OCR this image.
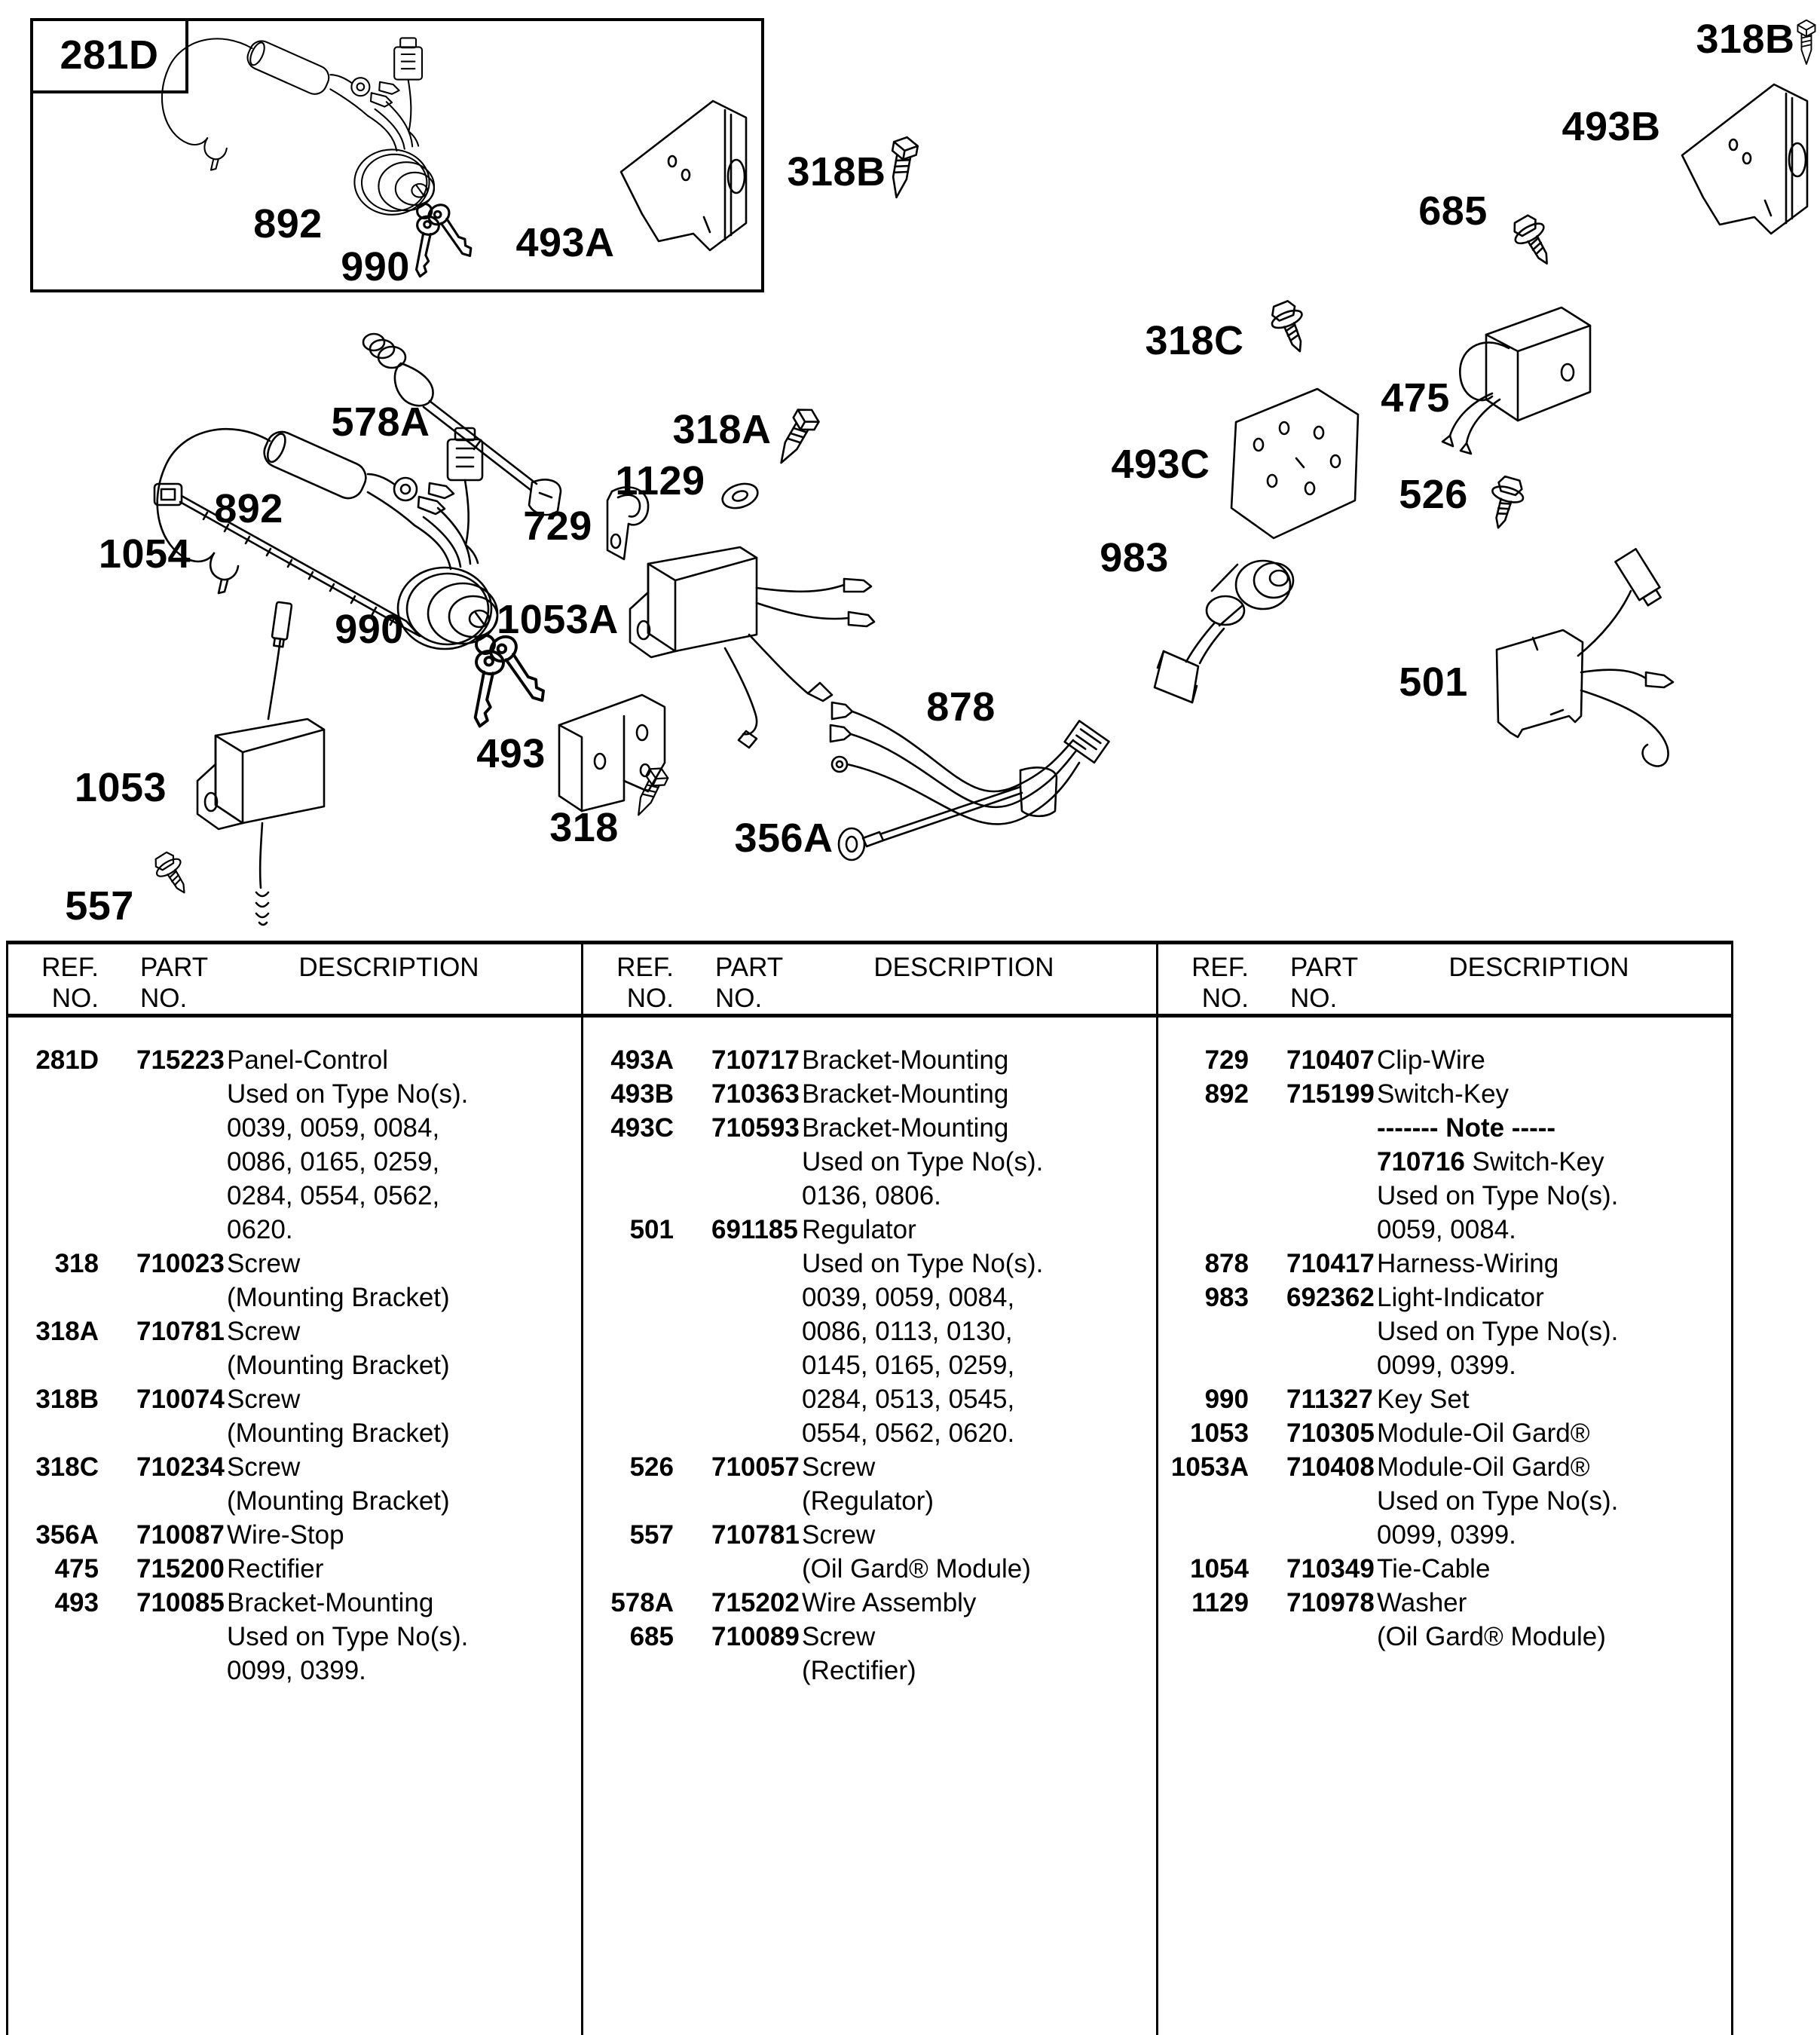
281D
892
990
493A
318B
493B
318B
685
318C
475
493C
526
983
501
878
318A
1129
729
1053A
493
318	356A
1053
557
1054
892
990
578A
REF.
NO.
PART
NO.
DESCRIPTION
281D	715223 Panel-Control
Used on Type No(s).
0039, 0059, 0084,
0086, 0165, 0259,
0284, 0554, 0562,
0620.
318	710023 Screw
(Mounting Bracket)
318A	710781 Screw
(Mounting Bracket)
318B	710074 Screw
(Mounting Bracket)
318C	710234 Screw
(Mounting Bracket)
356A	710087 Wire-Stop
475	715200 Rectifier
493	710085 Bracket-Mounting
Used on Type No(s).
0099, 0399.
REF.
NO.
PART
NO.
DESCRIPTION
493A	710717 Bracket-Mounting
493B	710363 Bracket-Mounting
493C	710593 Bracket-Mounting
Used on Type No(s).
0136, 0806.
501	691185 Regulator
Used on Type No(s).
0039, 0059, 0084,
0086, 0113, 0130,
0145, 0165, 0259,
0284, 0513, 0545,
0554, 0562, 0620.
526	710057 Screw
(Regulator)
557	710781 Screw
(Oil Gard® Module)
578A	715202 Wire Assembly
685	710089 Screw
(Rectifier)
REF.
NO.
PART
NO.
DESCRIPTION
729	710407 Clip-Wire
892	715199 Switch-Key
------- Note -----
710716 Switch-Key
Used on Type No(s).
0059, 0084.
878	710417 Harness-Wiring
983	692362 Light-Indicator
Used on Type No(s).
0099, 0399.
990	711327 Key Set
1053	710305 Module-Oil Gard®
1053A	710408 Module-Oil Gard®
Used on Type No(s).
0099, 0399.
1054	710349 Tie-Cable
1129	710978 Washer
(Oil Gard® Module)
